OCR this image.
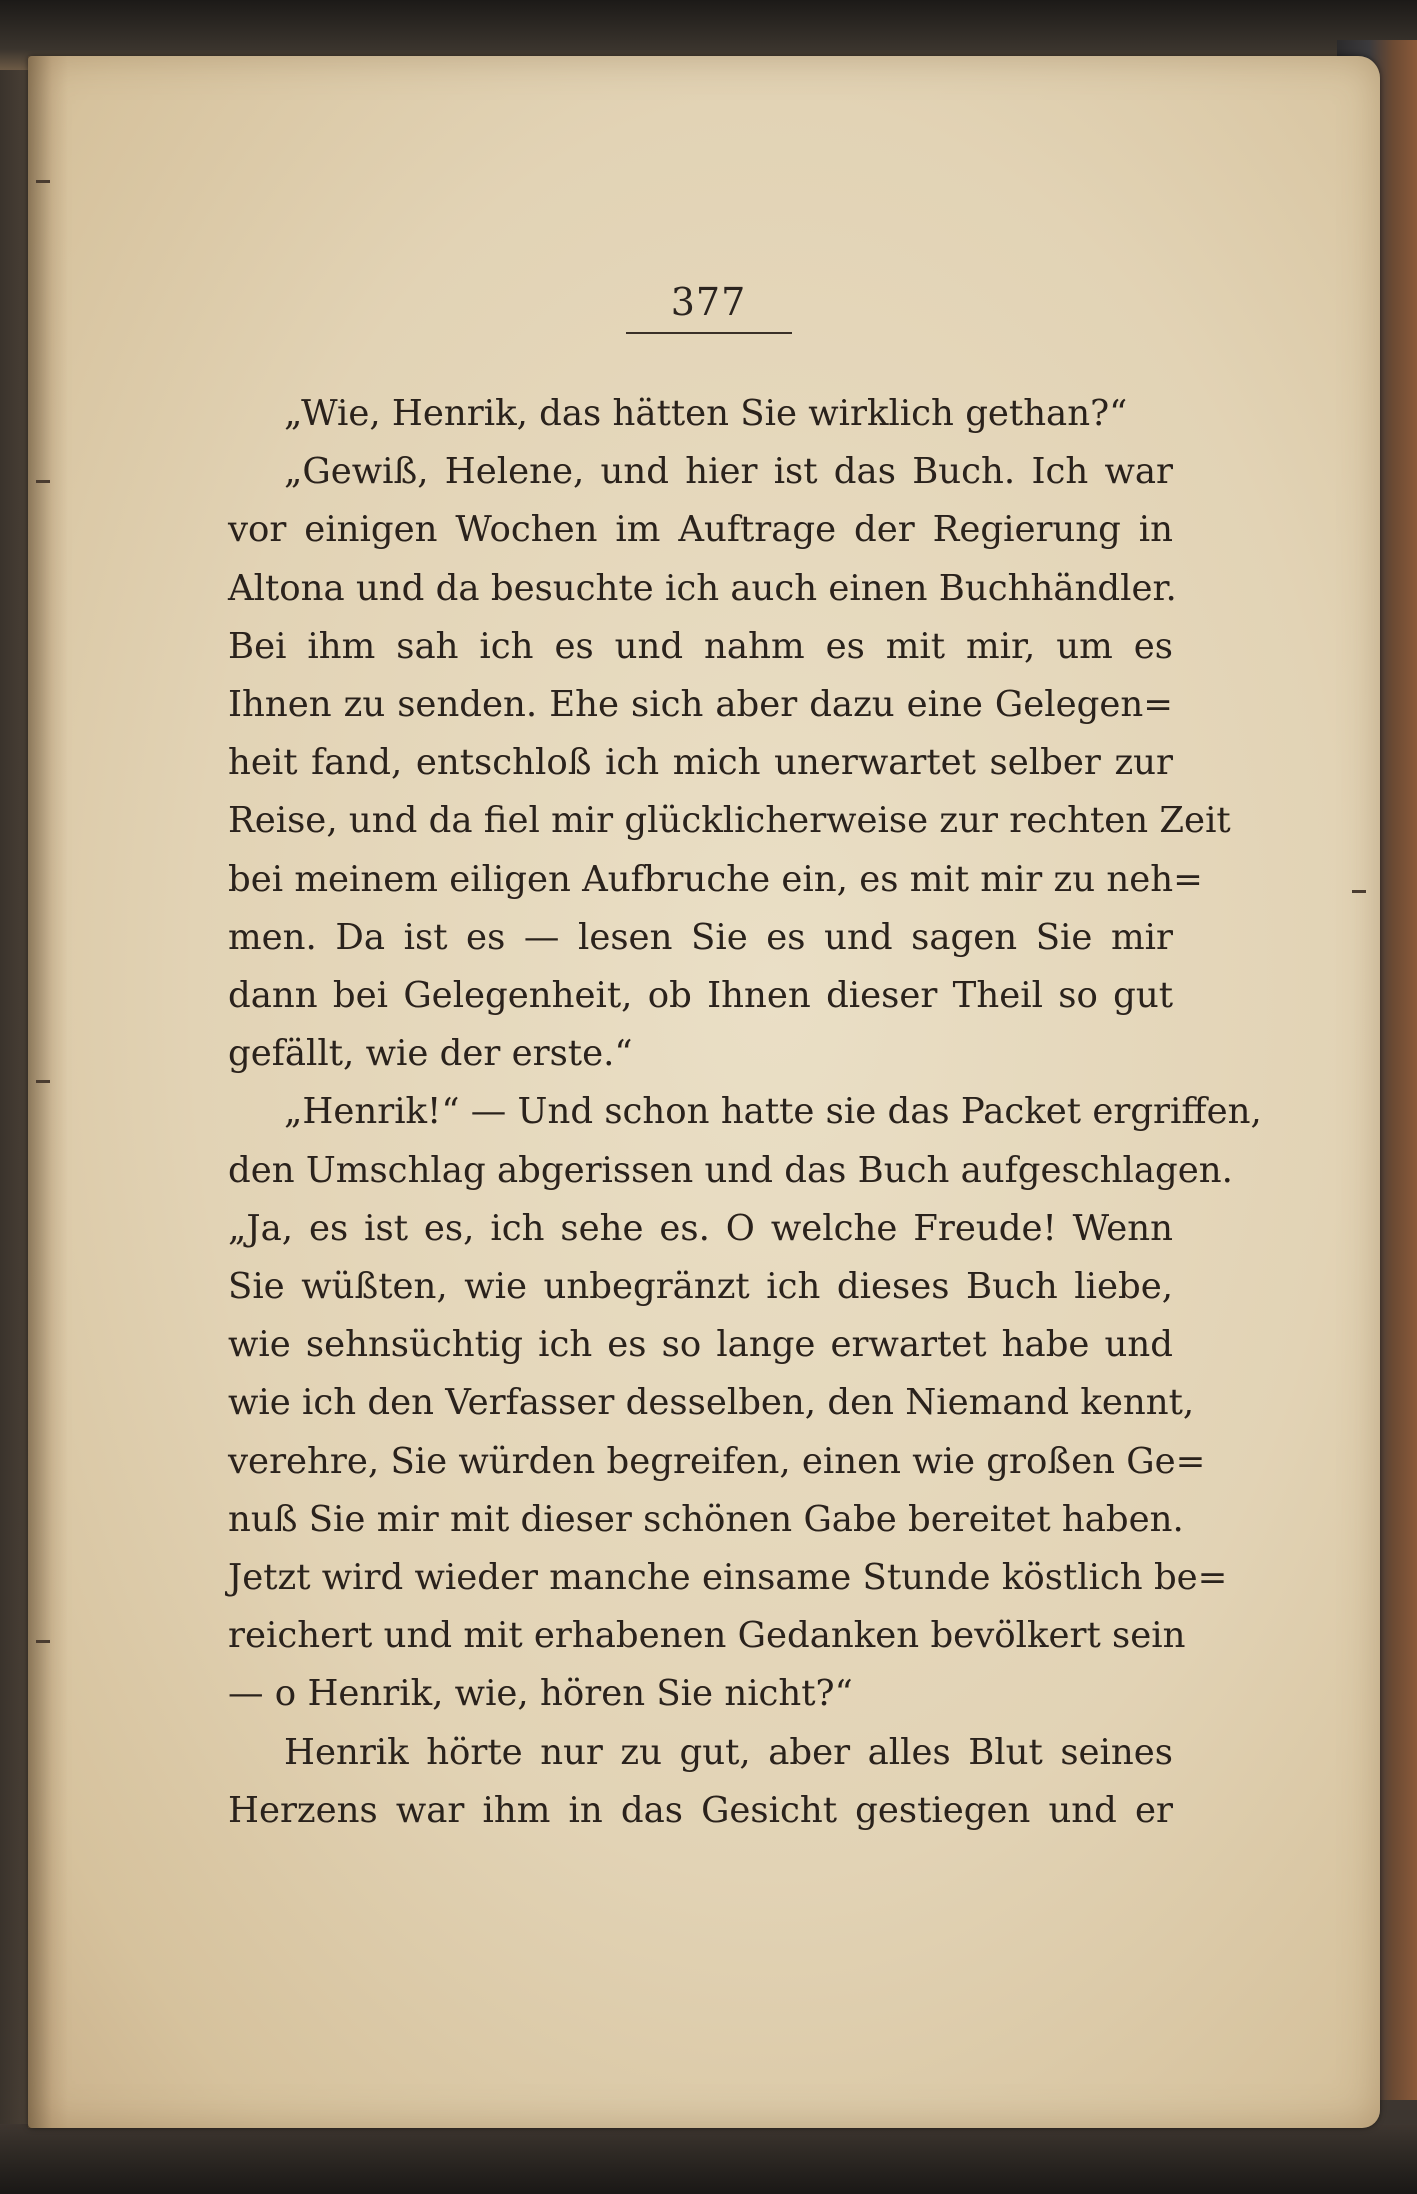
377
„Wie, Henrik, das hätten Sie wirklich gethan?“
„Gewiß, Helene, und hier ist das Buch. Ich war
vor einigen Wochen im Auftrage der Regierung in
Altona und da besuchte ich auch einen Buchhändler.
Bei ihm sah ich es und nahm es mit mir, um es
Ihnen zu senden. Ehe sich aber dazu eine Gelegen=
heit fand, entschloß ich mich unerwartet selber zur
Reise, und da fiel mir glücklicherweise zur rechten Zeit
bei meinem eiligen Aufbruche ein, es mit mir zu neh=
men. Da ist es — lesen Sie es und sagen Sie mir
dann bei Gelegenheit, ob Ihnen dieser Theil so gut
gefällt, wie der erste.“
„Henrik!“ — Und schon hatte sie das Packet ergriffen,
den Umschlag abgerissen und das Buch aufgeschlagen.
„Ja, es ist es, ich sehe es. O welche Freude! Wenn
Sie wüßten, wie unbegränzt ich dieses Buch liebe,
wie sehnsüchtig ich es so lange erwartet habe und
wie ich den Verfasser desselben, den Niemand kennt,
verehre, Sie würden begreifen, einen wie großen Ge=
nuß Sie mir mit dieser schönen Gabe bereitet haben.
Jetzt wird wieder manche einsame Stunde köstlich be=
reichert und mit erhabenen Gedanken bevölkert sein
— o Henrik, wie, hören Sie nicht?“
Henrik hörte nur zu gut, aber alles Blut seines
Herzens war ihm in das Gesicht gestiegen und er
